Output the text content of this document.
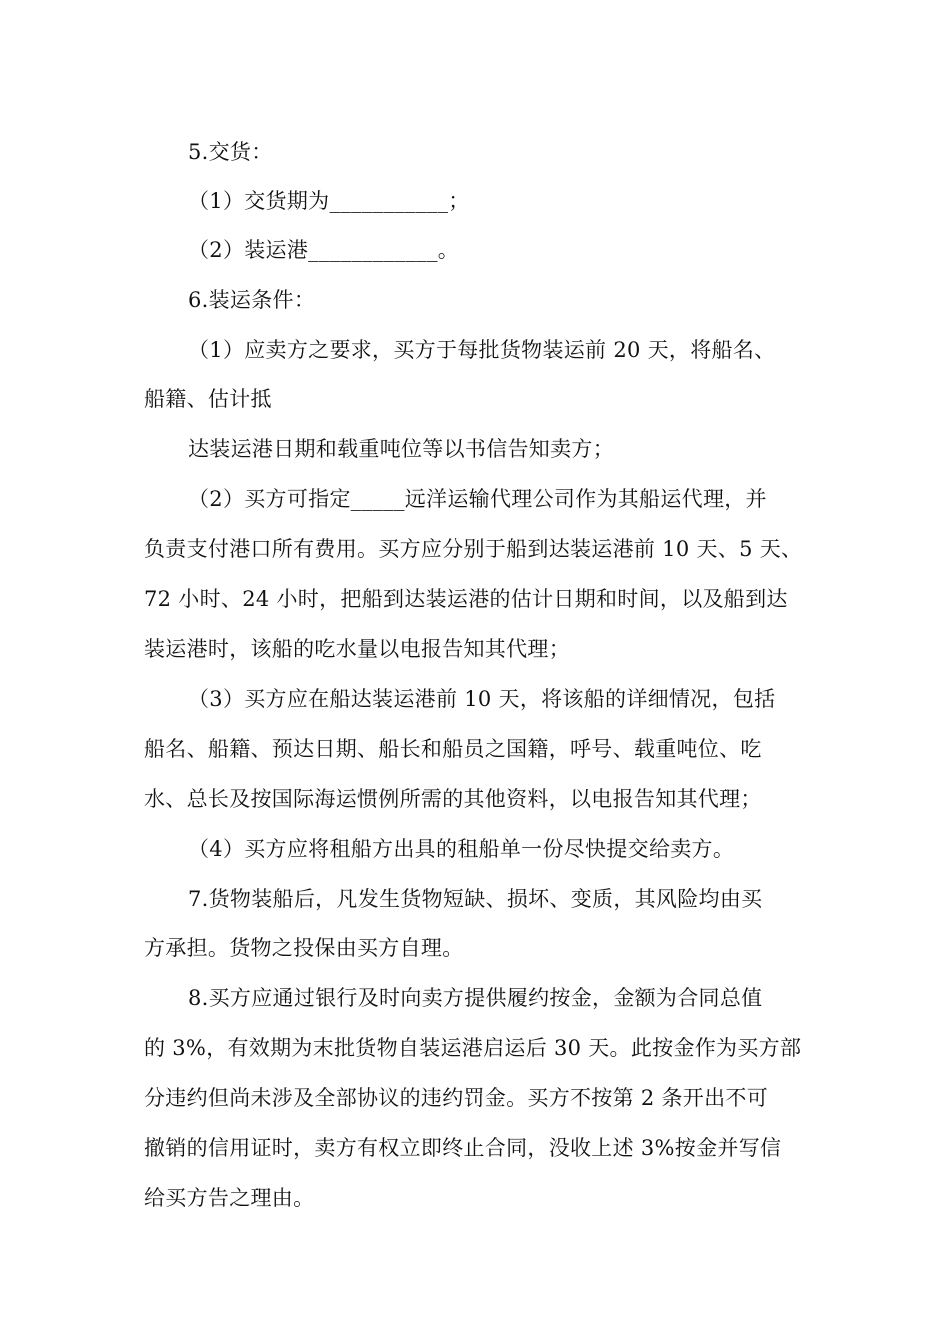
5.交货：
（1）交货期为___________；
（2）装运港____________。
6.装运条件：
（1）应卖方之要求，买方于每批货物装运前 20 天，将船名、
船籍、估计抵
达装运港日期和载重吨位等以书信告知卖方；
（2）买方可指定_____远洋运输代理公司作为其船运代理，并
负责支付港口所有费用。买方应分别于船到达装运港前 10 天、5 天、
72 小时、24 小时，把船到达装运港的估计日期和时间，以及船到达
装运港时，该船的吃水量以电报告知其代理；
（3）买方应在船达装运港前 10 天，将该船的详细情况，包括
船名、船籍、预达日期、船长和船员之国籍，呼号、载重吨位、吃
水、总长及按国际海运惯例所需的其他资料，以电报告知其代理；
（4）买方应将租船方出具的租船单一份尽快提交给卖方。
7.货物装船后，凡发生货物短缺、损坏、变质，其风险均由买
方承担。货物之投保由买方自理。
8.买方应通过银行及时向卖方提供履约按金，金额为合同总值
的 3%，有效期为末批货物自装运港启运后 30 天。此按金作为买方部
分违约但尚未涉及全部协议的违约罚金。买方不按第 2 条开出不可
撤销的信用证时，卖方有权立即终止合同，没收上述 3%按金并写信
给买方告之理由。
